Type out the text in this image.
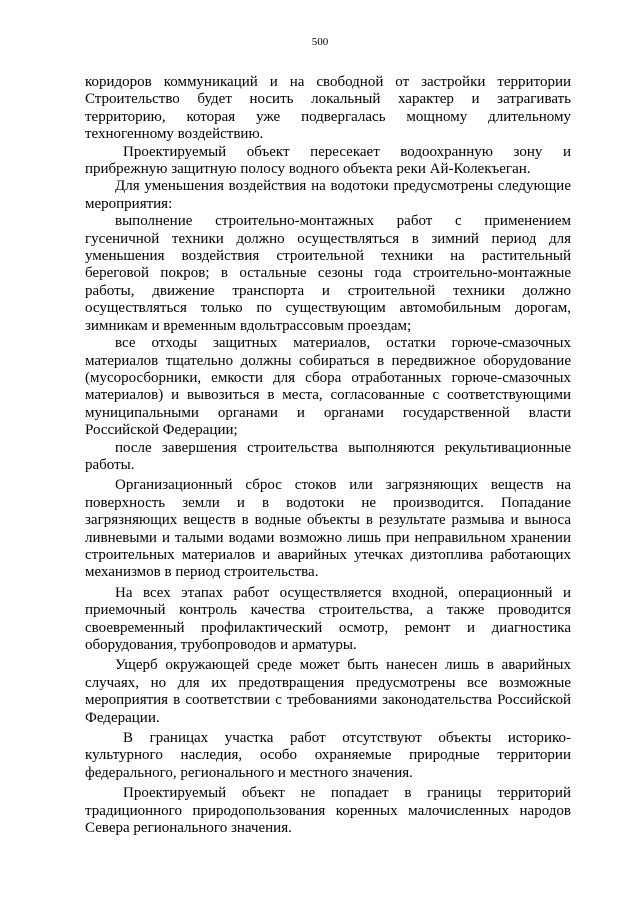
500

коридоров коммуникаций и на свободной от застройки территории Строительство будет носить локальный характер и затрагивать территорию, которая уже подвергалась мощному длительному техногенному воздействию.

Проектируемый объект пересекает водоохранную зону и прибрежную защитную полосу водного объекта реки Ай-Колекъеган.

Для уменьшения воздействия на водотоки предусмотрены следующие мероприятия:

выполнение строительно-монтажных работ с применением гусеничной техники должно осуществляться в зимний период для уменьшения воздействия строительной техники на растительный береговой покров; в остальные сезоны года строительно-монтажные работы, движение транспорта и строительной техники должно осуществляться только по существующим автомобильным дорогам, зимникам и временным вдольтрассовым проездам;

все отходы защитных материалов, остатки горюче-смазочных материалов тщательно должны собираться в передвижное оборудование (мусоросборники, емкости для сбора отработанных горюче-смазочных материалов) и вывозиться в места, согласованные с соответствующими муниципальными органами и органами государственной власти Российской Федерации;

после завершения строительства выполняются рекультивационные работы.

Организационный сброс стоков или загрязняющих веществ на поверхность земли и в водотоки не производится. Попадание загрязняющих веществ в водные объекты в результате размыва и выноса ливневыми и талыми водами возможно лишь при неправильном хранении строительных материалов и аварийных утечках дизтоплива работающих механизмов в период строительства.

На всех этапах работ осуществляется входной, операционный и приемочный контроль качества строительства, а также проводится своевременный профилактический осмотр, ремонт и диагностика оборудования, трубопроводов и арматуры.

Ущерб окружающей среде может быть нанесен лишь в аварийных случаях, но для их предотвращения предусмотрены все возможные мероприятия в соответствии с требованиями законодательства Российской Федерации.

В границах участка работ отсутствуют объекты историко-культурного наследия, особо охраняемые природные территории федерального, регионального и местного значения.

Проектируемый объект не попадает в границы территорий традиционного природопользования коренных малочисленных народов Севера регионального значения.
